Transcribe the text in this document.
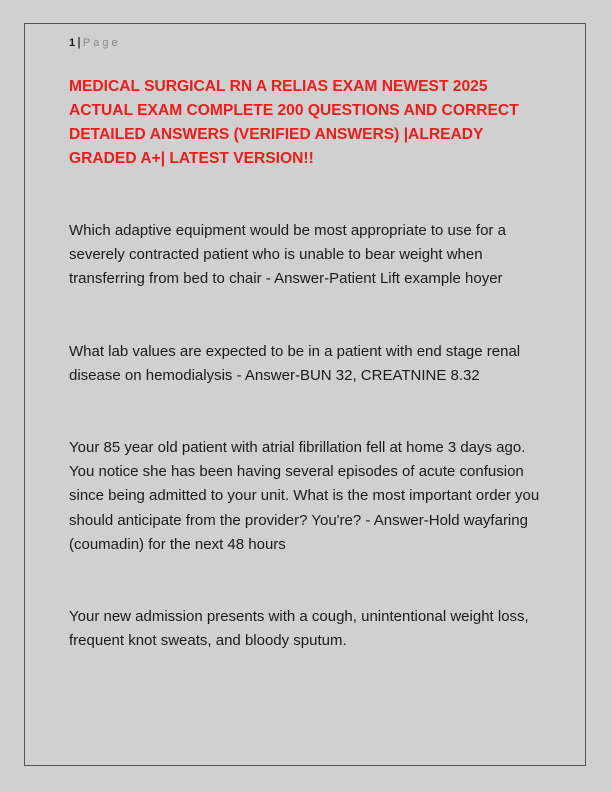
1 | Page
MEDICAL SURGICAL RN A RELIAS EXAM NEWEST 2025 ACTUAL EXAM COMPLETE 200 QUESTIONS AND CORRECT DETAILED ANSWERS (VERIFIED ANSWERS) |ALREADY GRADED A+| LATEST VERSION!!

Which adaptive equipment would be most appropriate to use for a severely contracted patient who is unable to bear weight when transferring from bed to chair - Answer-Patient Lift example hoyer

What lab values are expected to be in a patient with end stage renal disease on hemodialysis - Answer-BUN 32, CREATNINE 8.32

Your 85 year old patient with atrial fibrillation fell at home 3 days ago. You notice she has been having several episodes of acute confusion since being admitted to your unit. What is the most important order you should anticipate from the provider? You're? - Answer-Hold wayfaring (coumadin) for the next 48 hours

Your new admission presents with a cough, unintentional weight loss, frequent knot sweats, and bloody sputum.
